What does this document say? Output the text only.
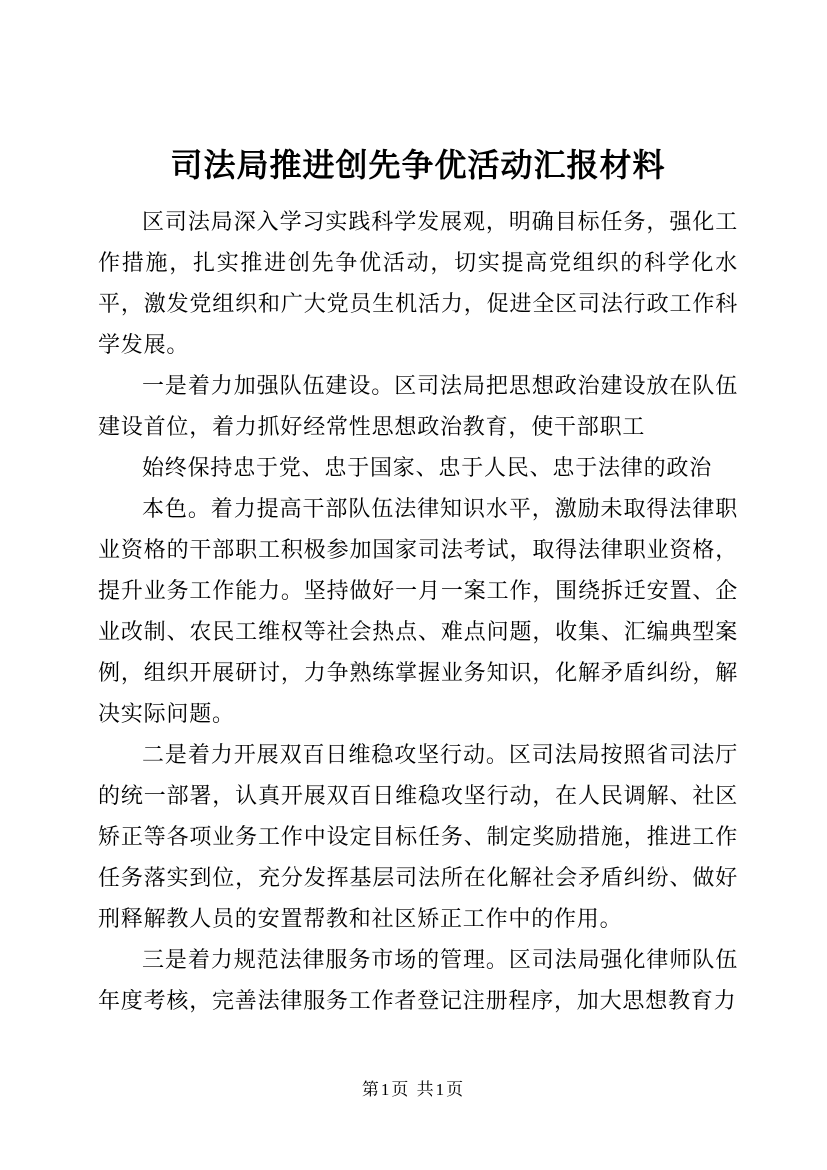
司法局推进创先争优活动汇报材料

区司法局深入学习实践科学发展观，明确目标任务，强化工作措施，扎实推进创先争优活动，切实提高党组织的科学化水平，激发党组织和广大党员生机活力，促进全区司法行政工作科学发展。

一是着力加强队伍建设。区司法局把思想政治建设放在队伍建设首位，着力抓好经常性思想政治教育，使干部职工

始终保持忠于党、忠于国家、忠于人民、忠于法律的政治

本色。着力提高干部队伍法律知识水平，激励未取得法律职业资格的干部职工积极参加国家司法考试，取得法律职业资格，提升业务工作能力。坚持做好一月一案工作，围绕拆迁安置、企业改制、农民工维权等社会热点、难点问题，收集、汇编典型案例，组织开展研讨，力争熟练掌握业务知识，化解矛盾纠纷，解决实际问题。

二是着力开展双百日维稳攻坚行动。区司法局按照省司法厅的统一部署，认真开展双百日维稳攻坚行动，在人民调解、社区矫正等各项业务工作中设定目标任务、制定奖励措施，推进工作任务落实到位，充分发挥基层司法所在化解社会矛盾纠纷、做好刑释解教人员的安置帮教和社区矫正工作中的作用。

三是着力规范法律服务市场的管理。区司法局强化律师队伍年度考核，完善法律服务工作者登记注册程序，加大思想教育力

第1页 共1页
